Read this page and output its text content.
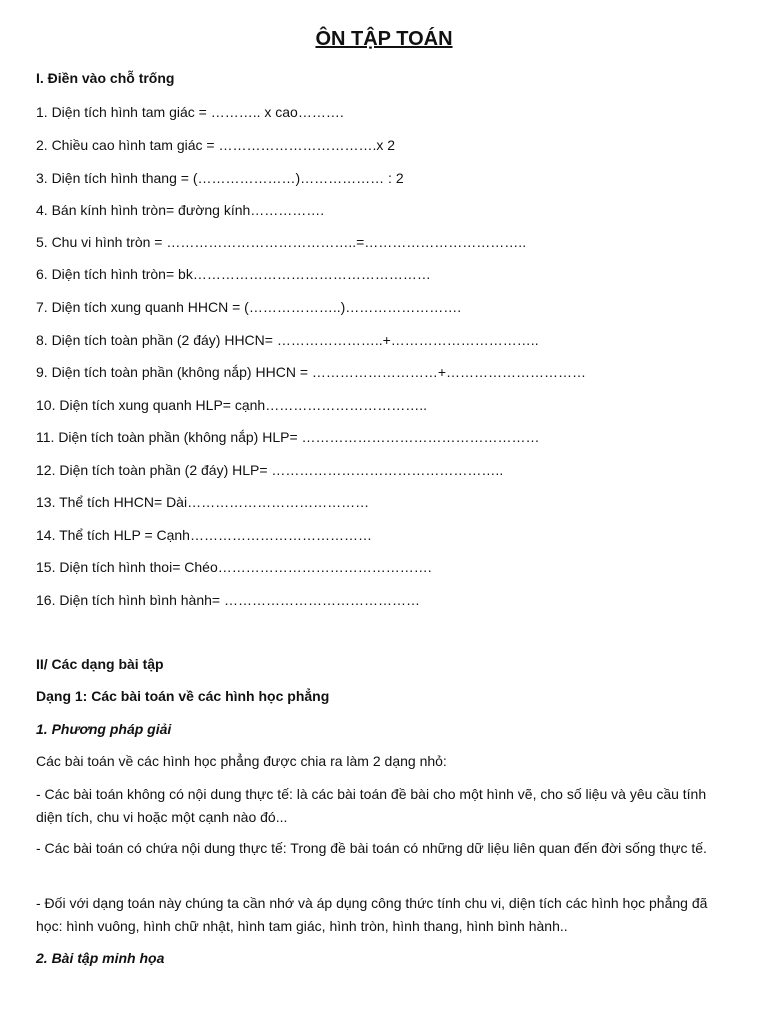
ÔN TẬP TOÁN
I. Điền vào chỗ trống
1. Diện tích hình tam giác = ……….. x cao……….
2. Chiều cao hình tam giác = …………………………….x 2
3. Diện tích hình thang = (…………………)……………… : 2
4. Bán kính hình tròn= đường kính…………….
5. Chu vi hình tròn = …………………………………..=……………………………..
6. Diện tích hình tròn= bk……………………………………………
7. Diện tích xung quanh HHCN = (………………..)…………………….
8. Diện tích toàn phần (2 đáy) HHCN= …………………..+…………………………..
9. Diện tích toàn phần (không nắp) HHCN = ………………………+…………………………
10. Diện tích xung quanh HLP= cạnh……………………………..
11. Diện tích toàn phần (không nắp) HLP= ……………………………………………
12. Diện tích toàn phần (2 đáy) HLP= …………………………………………..
13. Thể tích HHCN= Dài…………………………………
14. Thể tích HLP = Cạnh…………………………………
15. Diện tích hình thoi= Chéo……………………………………….
16. Diện tích hình bình hành= ……………………………………
II/ Các dạng bài tập
Dạng 1: Các bài toán về các hình học phẳng
1. Phương pháp giải
Các bài toán về các hình học phẳng được chia ra làm 2 dạng nhỏ:
- Các bài toán không có nội dung thực tế: là các bài toán đề bài cho một hình vẽ, cho số liệu và yêu cầu tính diện tích, chu vi hoặc một cạnh nào đó...
- Các bài toán có chứa nội dung thực tế: Trong đề bài toán có những dữ liệu liên quan đến đời sống thực tế.
- Đối với dạng toán này chúng ta cần nhớ và áp dụng công thức tính chu vi, diện tích các hình học phẳng đã học: hình vuông, hình chữ nhật, hình tam giác, hình tròn, hình thang, hình bình hành..
2. Bài tập minh họa
